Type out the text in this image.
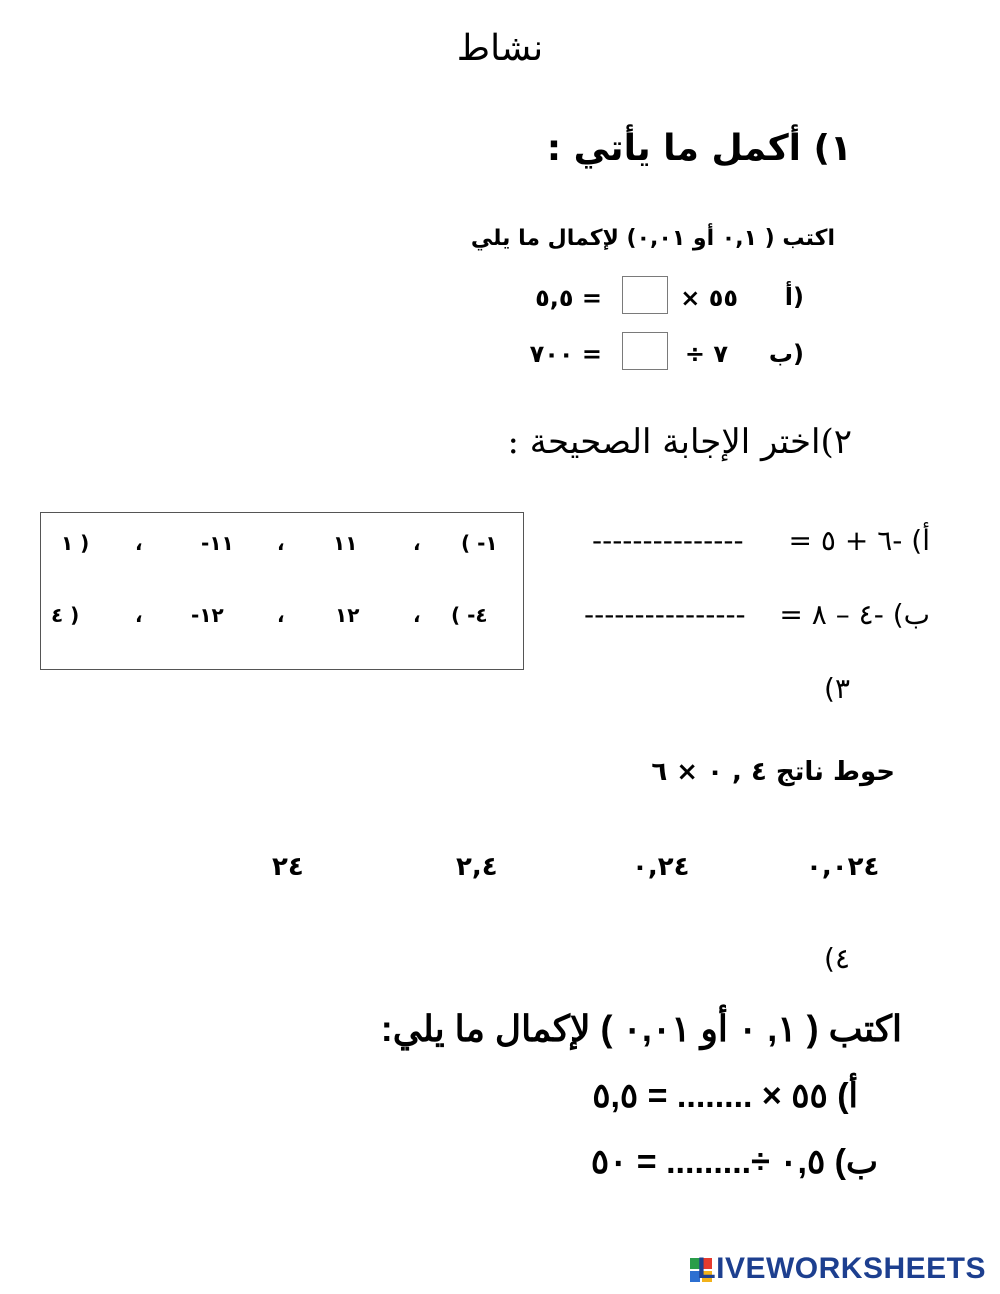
نشاط
١) أكمل ما يأتي :
اكتب ( ٠,١ أو ٠,٠١) لإكمال ما يلي
أ)
٥٥ ×
= ٥,٥
ب)
٧ ÷
= ٧٠٠
٢)اختر الإجابة الصحيحة :
١ ) ،	-١١ ، ١١	، ( -١
٤ )	، -١٢	،	١٢	، ( -٤
أ) -٦ + ٥ =
---------------
ب) -٤ – ٨ =
----------------
٣)
حوط ناتج ٤ , ٠ × ٦
٠,٠٢٤
٠,٢٤
٢,٤
٢٤
٤)
اكتب ( ١, ٠ أو ٠,٠١ ) لإكمال ما يلي:
أ) ٥٥ × ........ = ٥,٥
ب) ٠,٥ ÷......... = ٥٠
LIVEWORKSHEETS
